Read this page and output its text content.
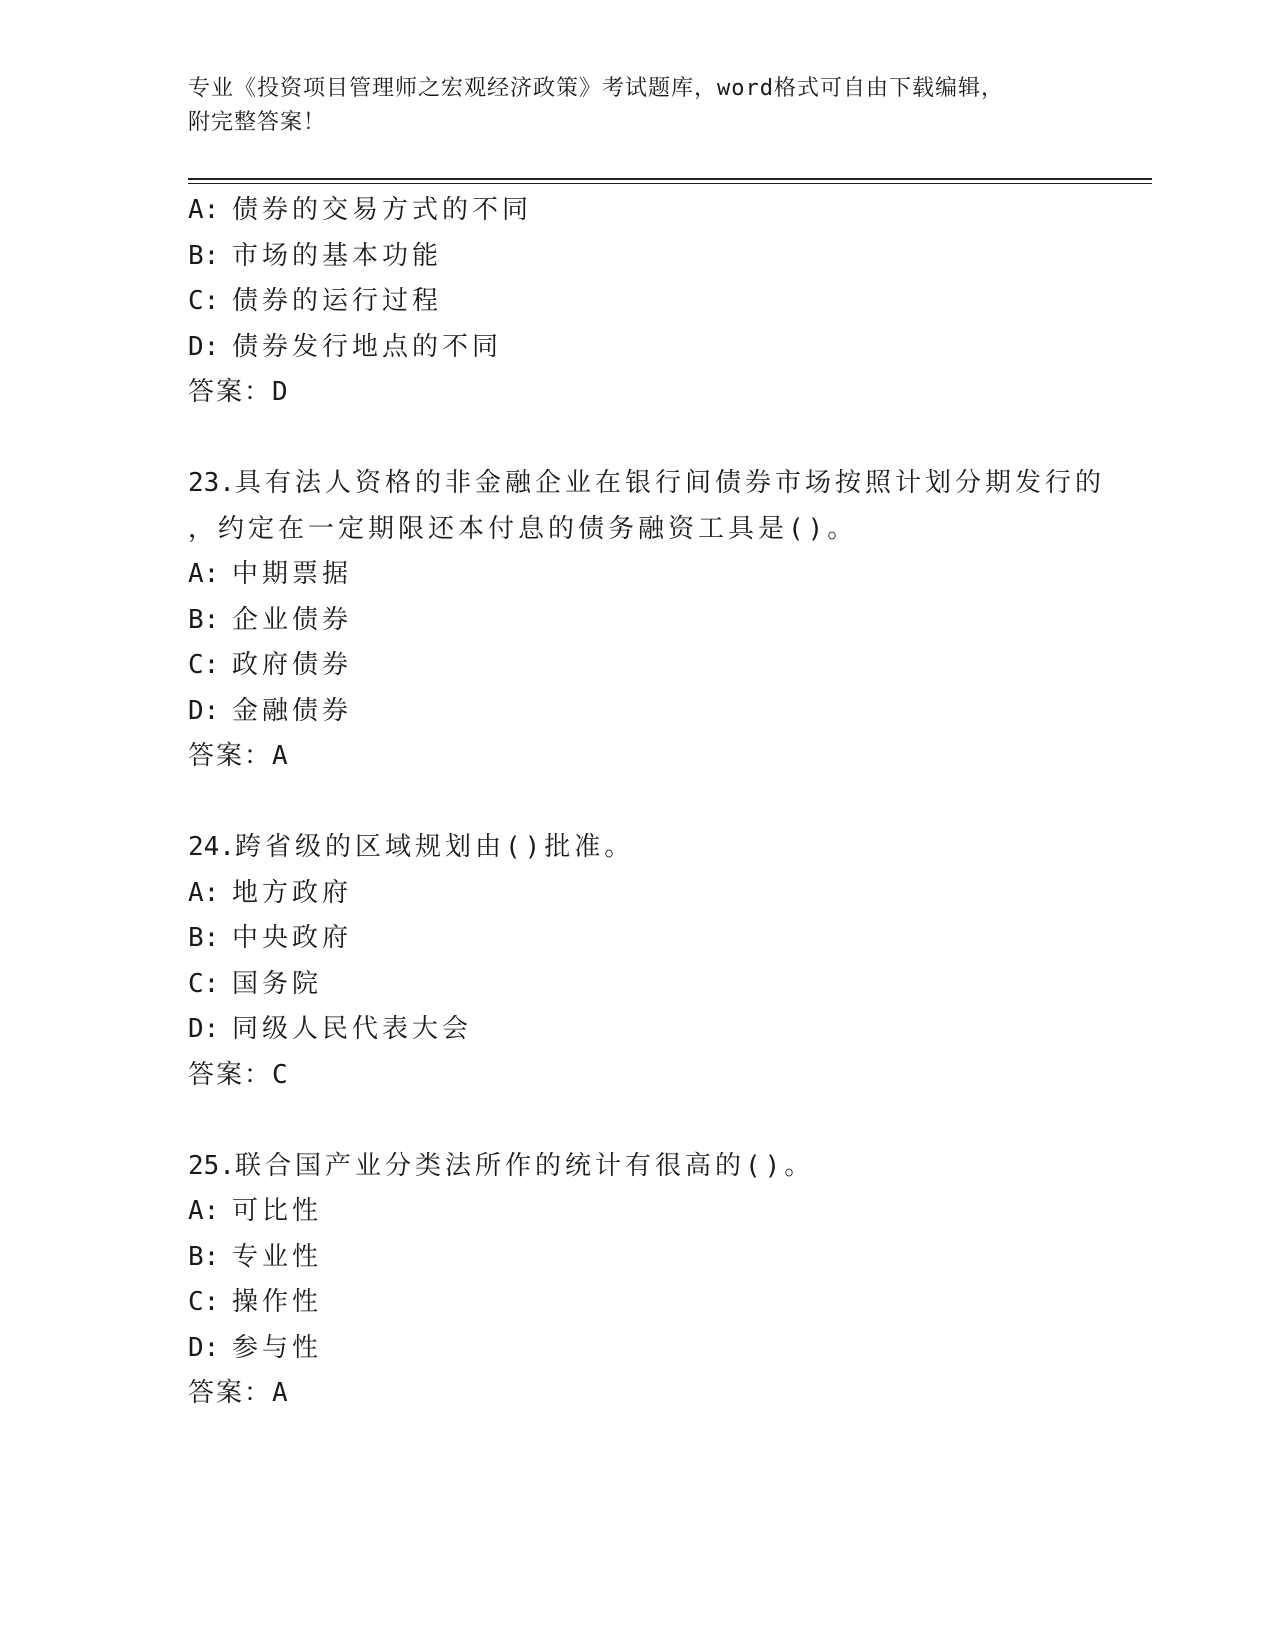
专业《投资项目管理师之宏观经济政策》考试题库，word格式可自由下载编辑，
附完整答案！
A: 债券的交易方式的不同
B: 市场的基本功能
C: 债券的运行过程
D: 债券发行地点的不同
答案：D
23.具有法人资格的非金融企业在银行间债券市场按照计划分期发行的
，约定在一定期限还本付息的债务融资工具是()。
A: 中期票据
B: 企业债券
C: 政府债券
D: 金融债券
答案：A
24.跨省级的区域规划由()批准。
A: 地方政府
B: 中央政府
C: 国务院
D: 同级人民代表大会
答案：C
25.联合国产业分类法所作的统计有很高的()。
A: 可比性
B: 专业性
C: 操作性
D: 参与性
答案：A
